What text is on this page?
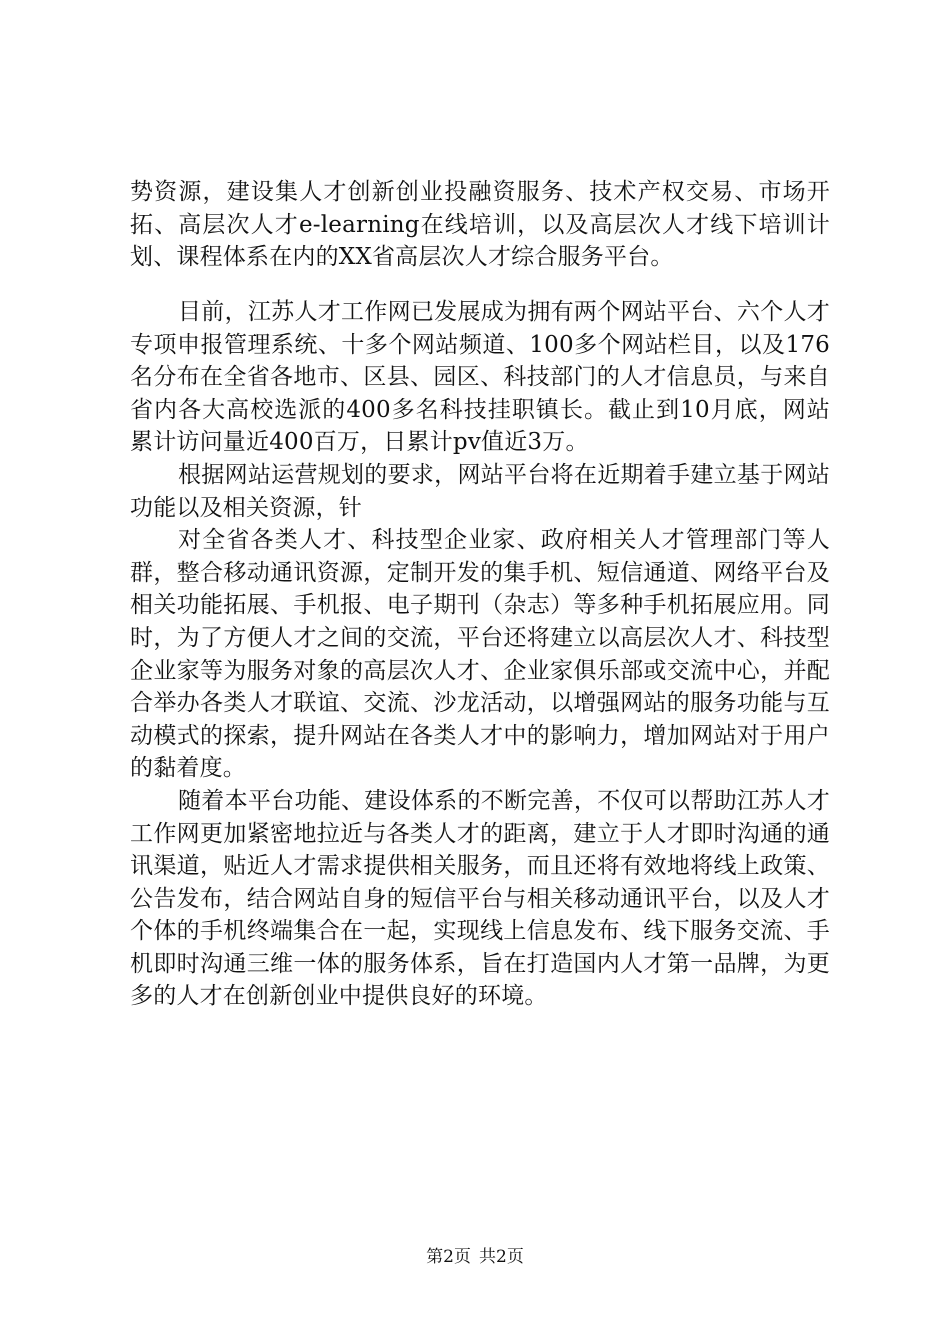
势资源，建设集人才创新创业投融资服务、技术产权交易、市场开拓、高层次人才e-learning在线培训，以及高层次人才线下培训计划、课程体系在内的XX省高层次人才综合服务平台。

目前，江苏人才工作网已发展成为拥有两个网站平台、六个人才专项申报管理系统、十多个网站频道、100多个网站栏目，以及176名分布在全省各地市、区县、园区、科技部门的人才信息员，与来自省内各大高校选派的400多名科技挂职镇长。截止到10月底，网站累计访问量近400百万，日累计pv值近3万。

根据网站运营规划的要求，网站平台将在近期着手建立基于网站功能以及相关资源，针

对全省各类人才、科技型企业家、政府相关人才管理部门等人群，整合移动通讯资源，定制开发的集手机、短信通道、网络平台及相关功能拓展、手机报、电子期刊（杂志）等多种手机拓展应用。同时，为了方便人才之间的交流，平台还将建立以高层次人才、科技型企业家等为服务对象的高层次人才、企业家俱乐部或交流中心，并配合举办各类人才联谊、交流、沙龙活动，以增强网站的服务功能与互动模式的探索，提升网站在各类人才中的影响力，增加网站对于用户的黏着度。

随着本平台功能、建设体系的不断完善，不仅可以帮助江苏人才工作网更加紧密地拉近与各类人才的距离，建立于人才即时沟通的通讯渠道，贴近人才需求提供相关服务，而且还将有效地将线上政策、公告发布，结合网站自身的短信平台与相关移动通讯平台，以及人才个体的手机终端集合在一起，实现线上信息发布、线下服务交流、手机即时沟通三维一体的服务体系，旨在打造国内人才第一品牌，为更多的人才在创新创业中提供良好的环境。

第2页 共2页
